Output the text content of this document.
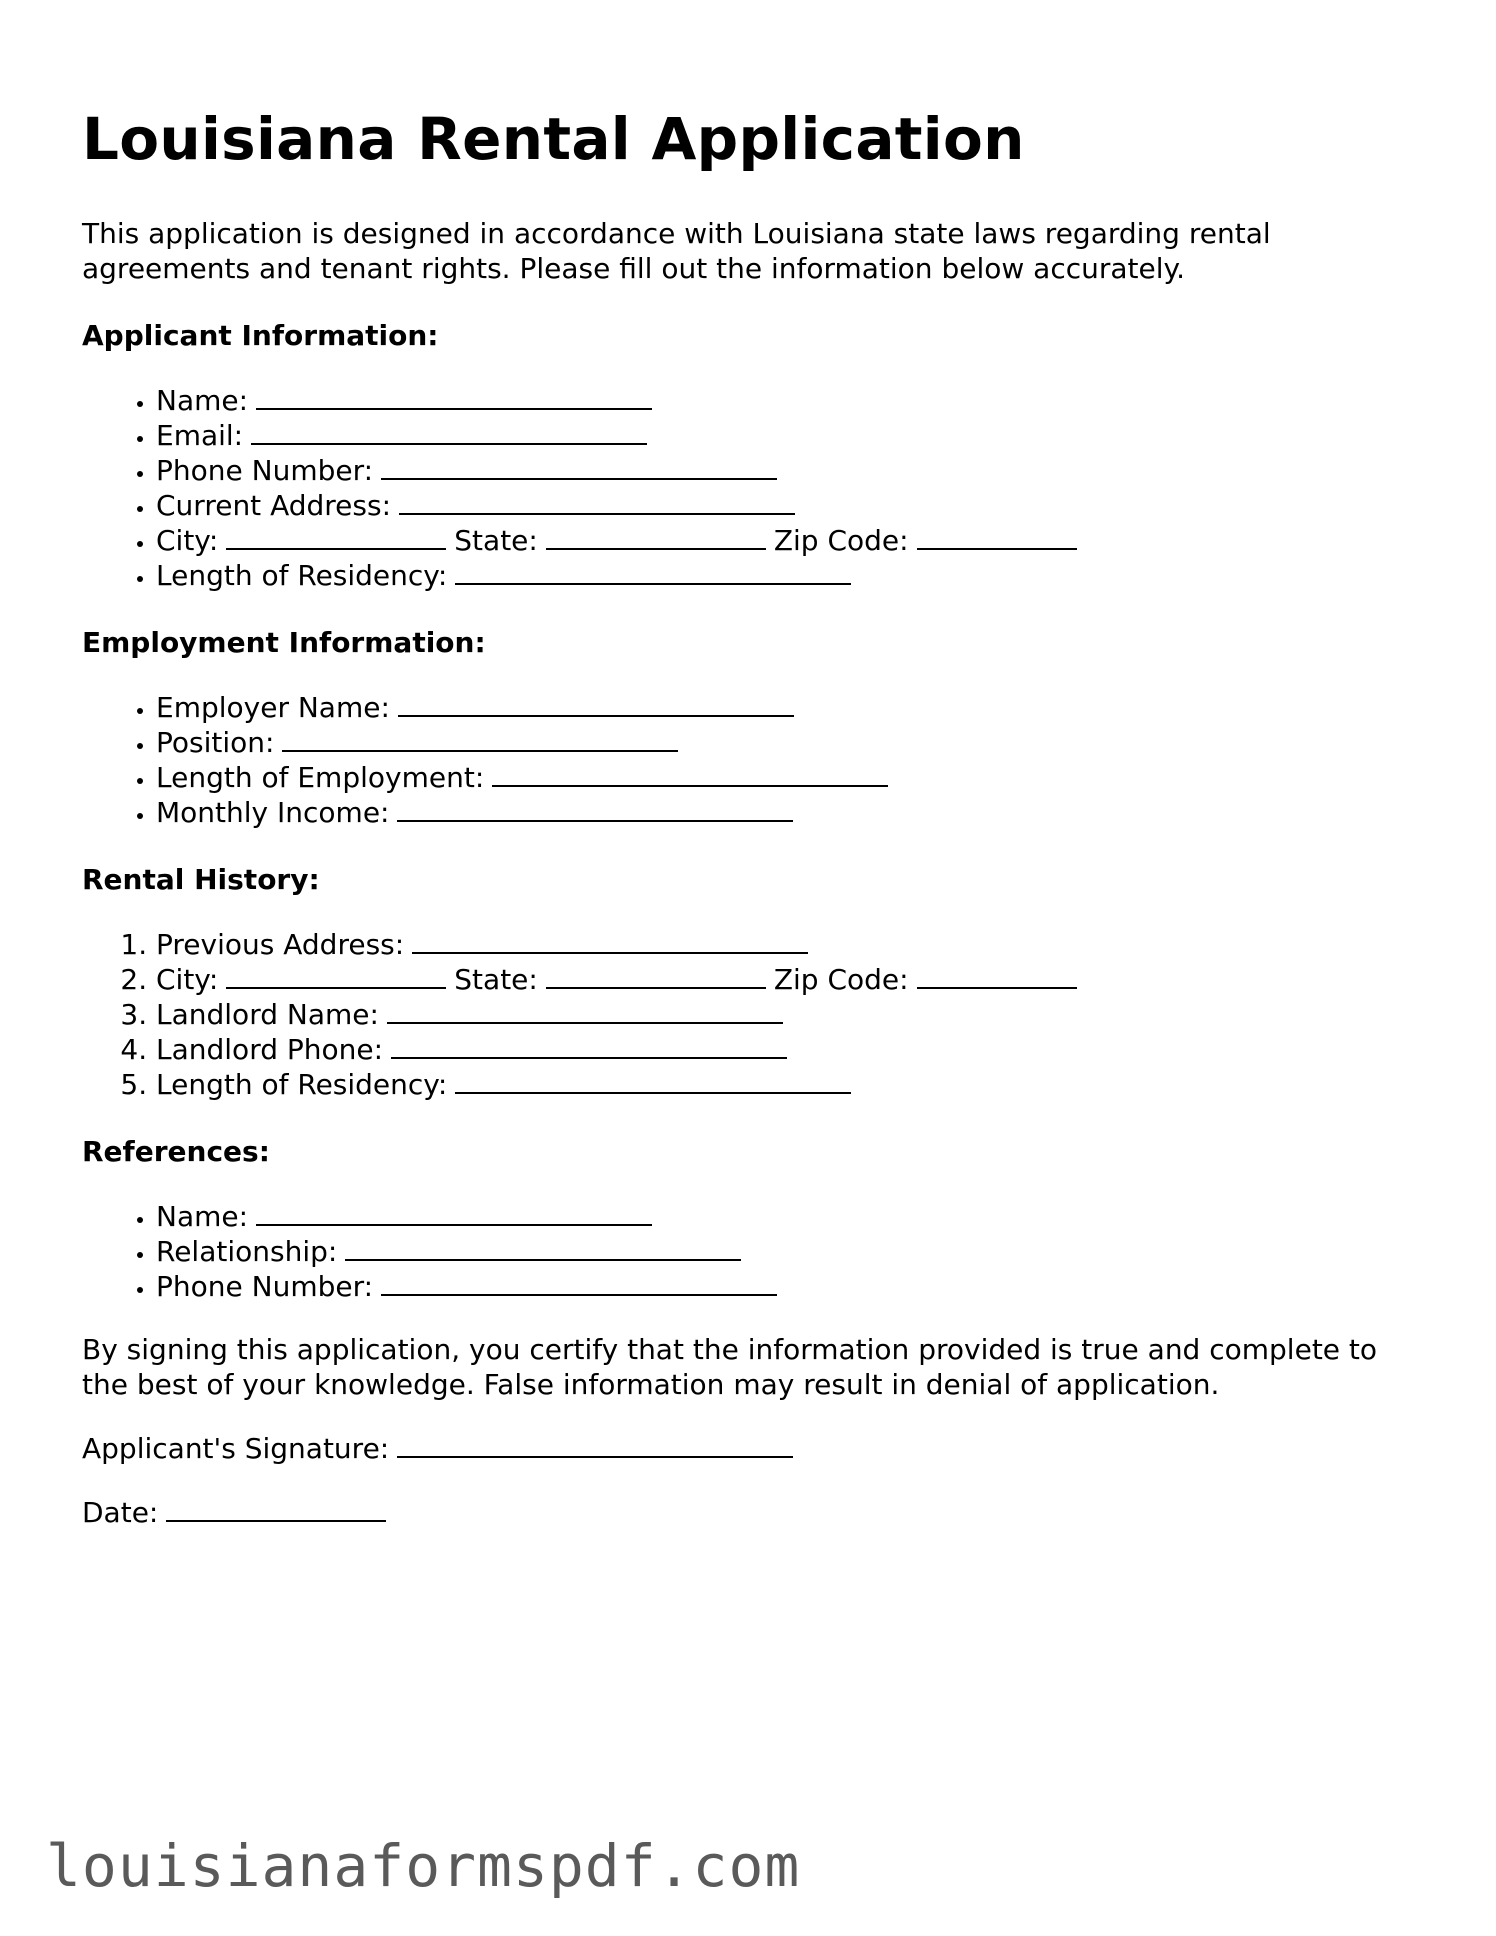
Louisiana Rental Application

This application is designed in accordance with Louisiana state laws regarding rental agreements and tenant rights. Please fill out the information below accurately.

Applicant Information:
• Name:
• Email:
• Phone Number:
• Current Address:
• City:	State:	Zip Code:
• Length of Residency:
Employment Information:
• Employer Name:
• Position:
• Length of Employment:
• Monthly Income:
Rental History:
1. Previous Address:
2. City:	State:	Zip Code:
3. Landlord Name:
4. Landlord Phone:
5. Length of Residency:
References:
• Name:
• Relationship:
• Phone Number:

By signing this application, you certify that the information provided is true and complete to the best of your knowledge. False information may result in denial of application.

Applicant's Signature:

Date:

louisianaformspdf.com
